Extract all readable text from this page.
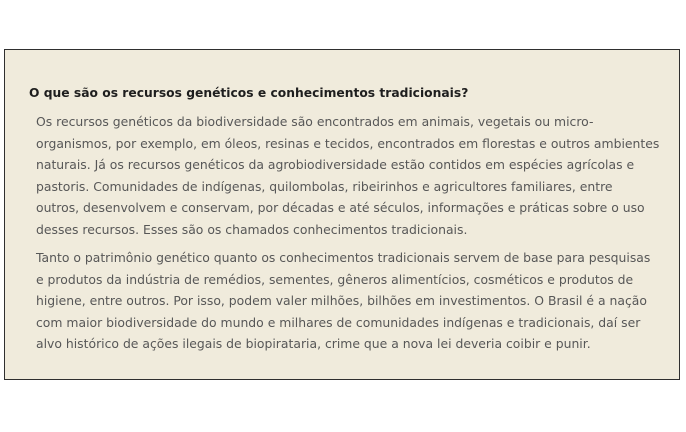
O que são os recursos genéticos e conhecimentos tradicionais?

Os recursos genéticos da biodiversidade são encontrados em animais, vegetais ou micro-
organismos, por exemplo, em óleos, resinas e tecidos, encontrados em florestas e outros ambientes
naturais. Já os recursos genéticos da agrobiodiversidade estão contidos em espécies agrícolas e
pastoris. Comunidades de indígenas, quilombolas, ribeirinhos e agricultores familiares, entre
outros, desenvolvem e conservam, por décadas e até séculos, informações e práticas sobre o uso
desses recursos. Esses são os chamados conhecimentos tradicionais.

Tanto o patrimônio genético quanto os conhecimentos tradicionais servem de base para pesquisas
e produtos da indústria de remédios, sementes, gêneros alimentícios, cosméticos e produtos de
higiene, entre outros. Por isso, podem valer milhões, bilhões em investimentos. O Brasil é a nação
com maior biodiversidade do mundo e milhares de comunidades indígenas e tradicionais, daí ser
alvo histórico de ações ilegais de biopirataria, crime que a nova lei deveria coibir e punir.
